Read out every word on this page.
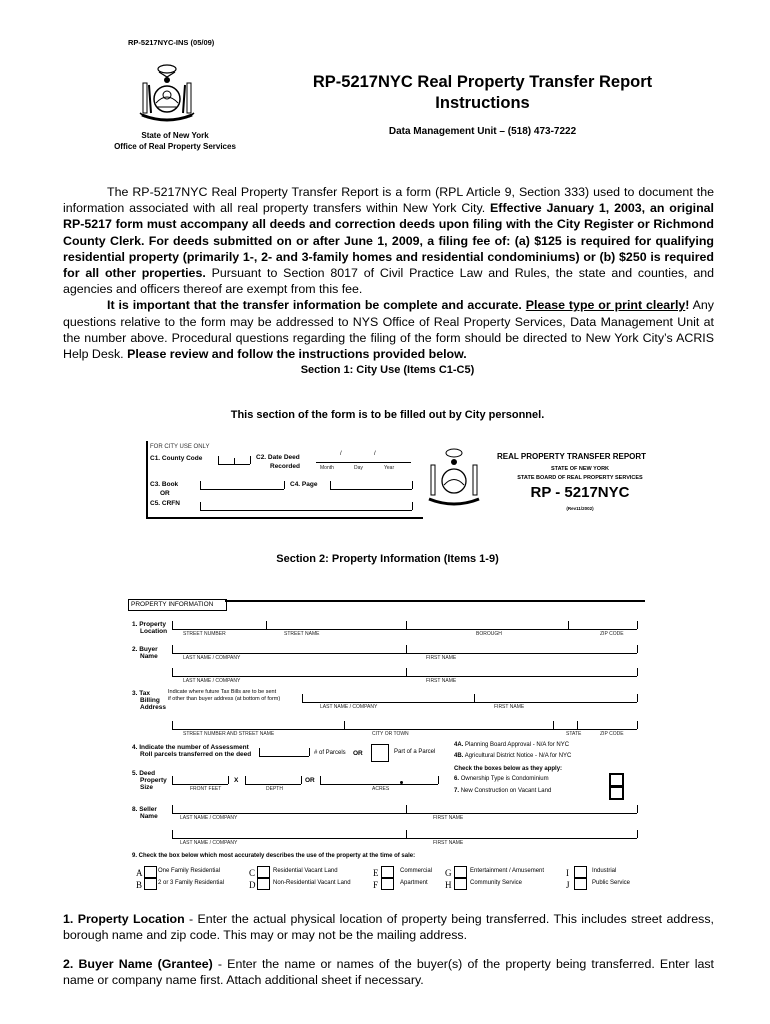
RP-5217NYC-INS (05/09)
State of New York
Office of Real Property Services
RP-5217NYC Real Property Transfer Report
Instructions
Data Management Unit – (518) 473-7222
The RP-5217NYC Real Property Transfer Report is a form (RPL Article 9, Section 333) used to document the information associated with all real property transfers within New York City. Effective January 1, 2003, an original RP-5217 form must accompany all deeds and correction deeds upon filing with the City Register or Richmond County Clerk. For deeds submitted on or after June 1, 2009, a filing fee of: (a) $125 is required for qualifying residential property (primarily 1-, 2- and 3-family homes and residential condominiums) or (b) $250 is required for all other properties. Pursuant to Section 8017 of Civil Practice Law and Rules, the state and counties, and agencies and officers thereof are exempt from this fee.
It is important that the transfer information be complete and accurate. Please type or print clearly! Any questions relative to the form may be addressed to NYS Office of Real Property Services, Data Management Unit at the number above. Procedural questions regarding the filing of the form should be directed to New York City’s ACRIS Help Desk. Please review and follow the instructions provided below.
Section 1: City Use (Items C1-C5)
This section of the form is to be filled out by City personnel.
FOR CITY USE ONLY
C1. County Code	C2. Date Deed
Recorded
/	/
Month	Day	Year
C3. Book
OR
C5. CRFN
C4. Page
REAL PROPERTY TRANSFER REPORT
STATE OF NEW YORK
STATE BOARD OF REAL PROPERTY SERVICES
RP - 5217NYC
(Rev11/2002)
Section 2: Property Information (Items 1-9)
PROPERTY INFORMATION
1. Property
Location	STREET NUMBER	STREET NAME	BOROUGH	ZIP CODE
2. Buyer
Name	LAST NAME / COMPANY	FIRST NAME
LAST NAME / COMPANY	FIRST NAME
3. Tax
Billing
Address
Indicate where future Tax Bills are to be sent
if other than buyer address (at bottom of form)
LAST NAME / COMPANY	FIRST NAME
STREET NUMBER AND STREET NAME	CITY OR TOWN	STATE	ZIP CODE
4. Indicate the number of Assessment
Roll parcels transferred on the deed	# of Parcels OR	Part of a Parcel
4A. Planning Board Approval - N/A for NYC
4B. Agricultural District Notice - N/A for NYC
Check the boxes below as they apply:
6. Ownership Type is Condominium
7. New Construction on Vacant Land
5. Deed
Property
Size
X	OR
FRONT FEET	DEPTH	ACRES
8. Seller
Name	LAST NAME / COMPANY	FIRST NAME
LAST NAME / COMPANY	FIRST NAME
9. Check the box below which most accurately describes the use of the property at the time of sale:
A	One Family Residential
B	2 or 3 Family Residential
C	Residential Vacant Land
D	Non-Residential Vacant Land
E	Commercial
F	Apartment
G	Entertainment / Amusement
H	Community Service
I	Industrial
J	Public Service
1. Property Location - Enter the actual physical location of property being transferred. This includes street address, borough name and zip code. This may or may not be the mailing address.
2. Buyer Name (Grantee) - Enter the name or names of the buyer(s) of the property being transferred. Enter last name or company name first. Attach additional sheet if necessary.
